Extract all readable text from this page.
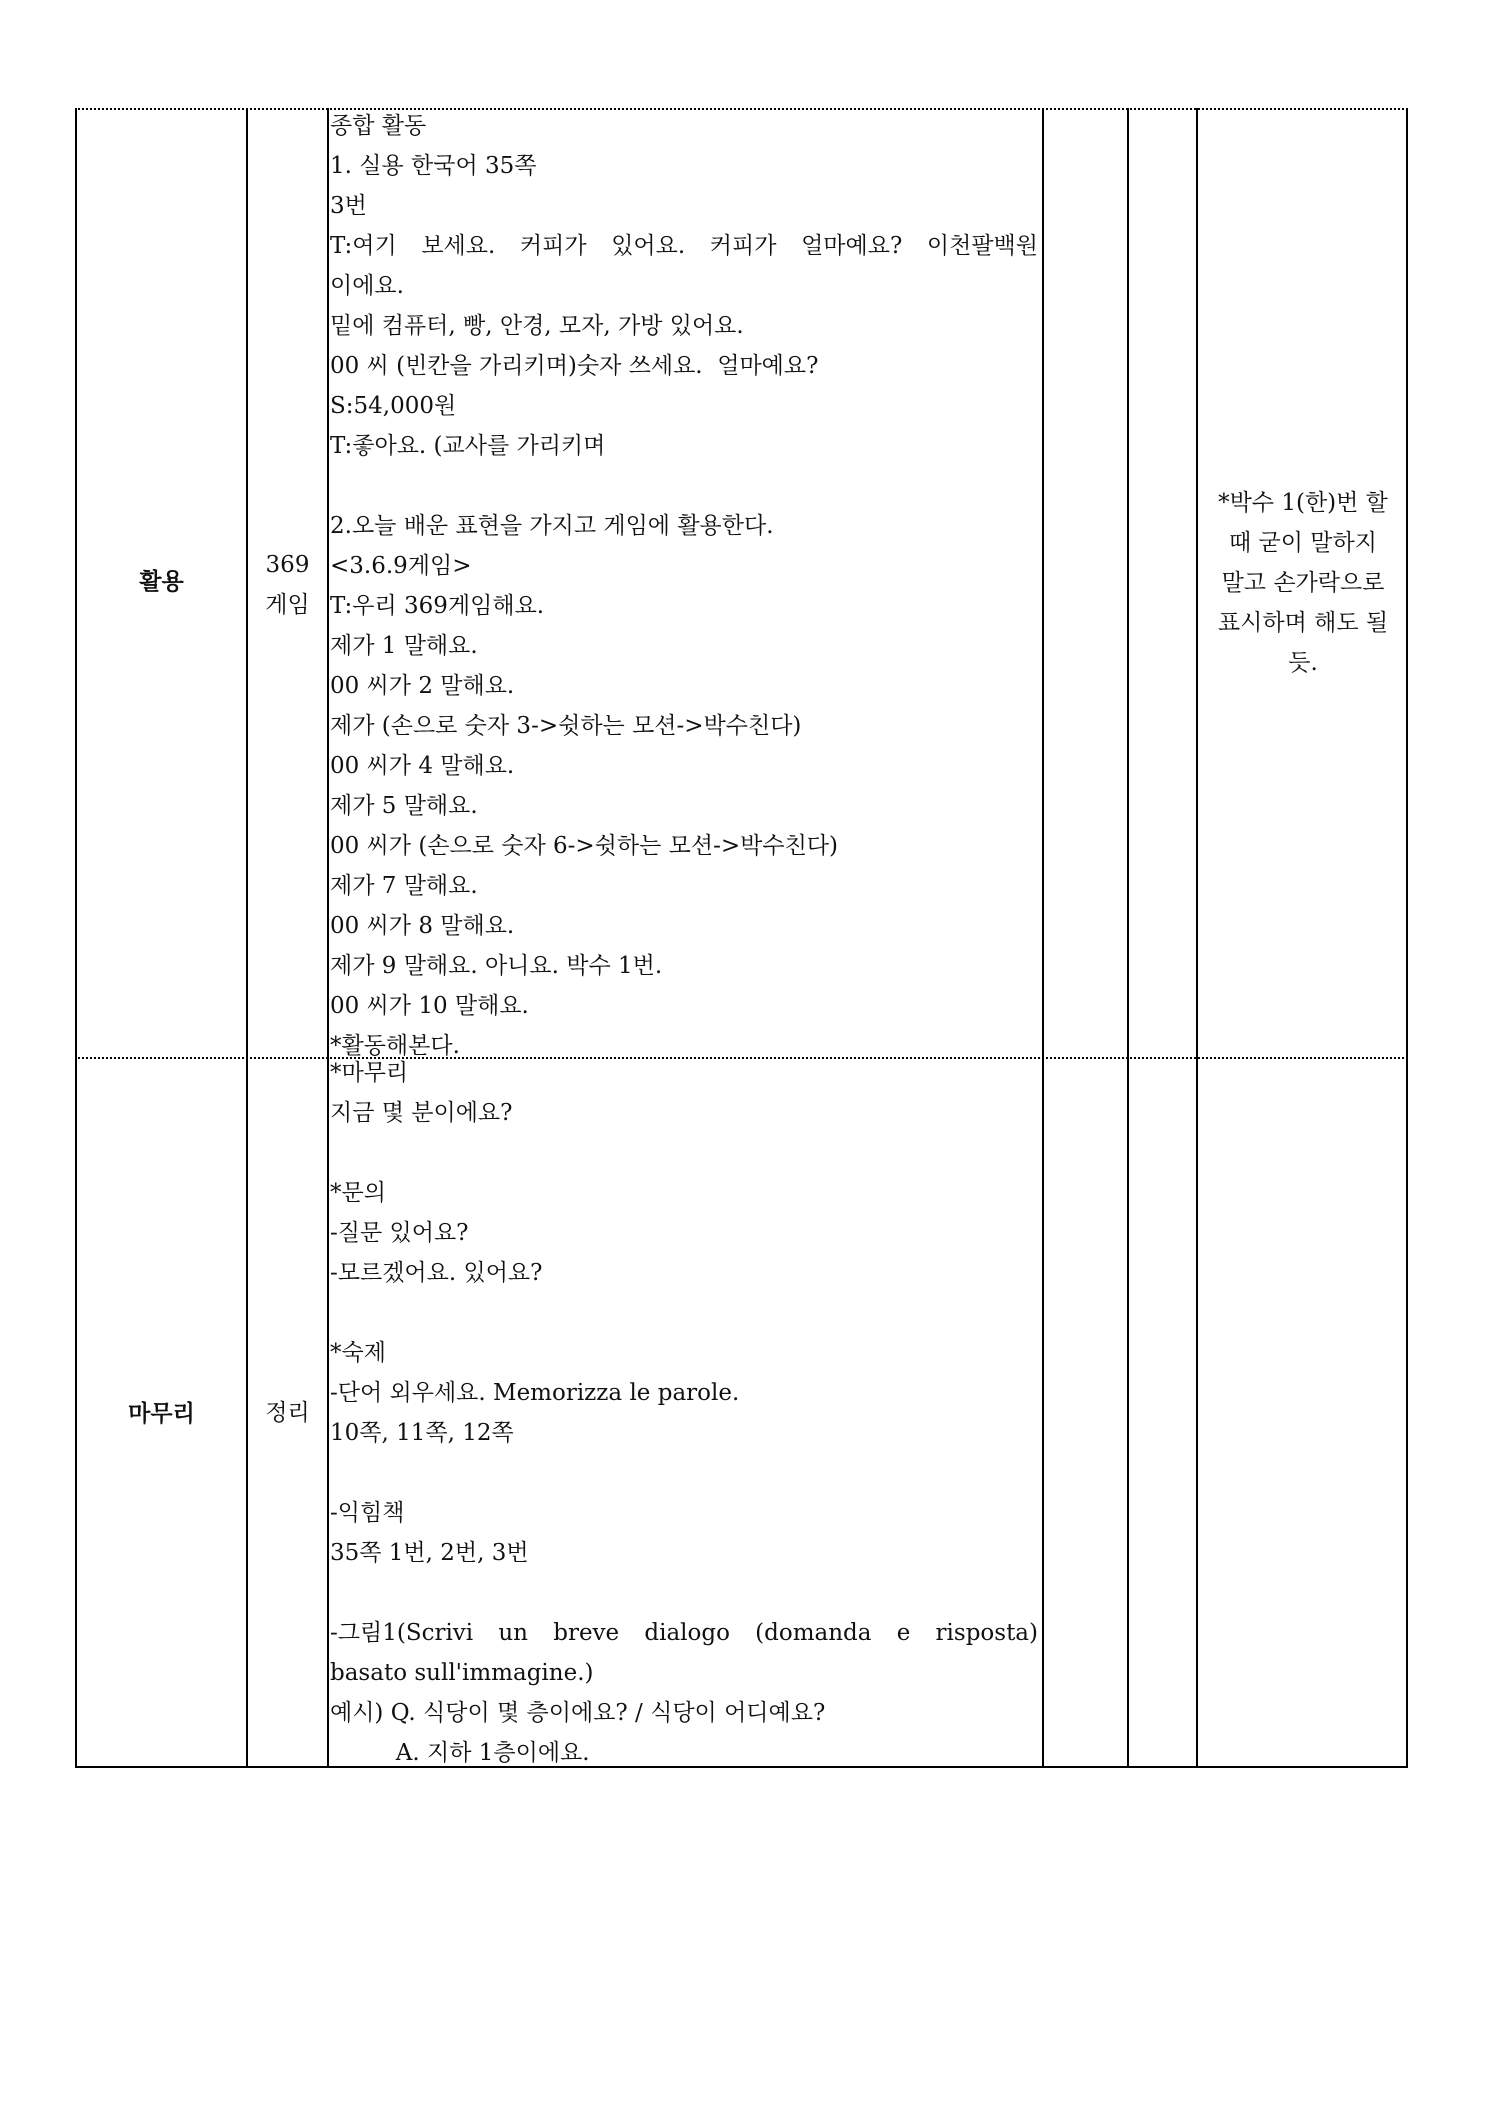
활용
369
게임
종합 활동
1. 실용 한국어 35쪽
3번
T:여기 보세요. 커피가 있어요. 커피가 얼마예요? 이천팔백원
이에요.
밑에 컴퓨터, 빵, 안경, 모자, 가방 있어요.
00 씨 (빈칸을 가리키며)숫자 쓰세요.  얼마예요?
S:54,000원
T:좋아요. (교사를 가리키며
2.오늘 배운 표현을 가지고 게임에 활용한다.
<3.6.9게임>
T:우리 369게임해요.
제가 1 말해요.
00 씨가 2 말해요.
제가 (손으로 숫자 3->쉿하는 모션->박수친다)
00 씨가 4 말해요.
제가 5 말해요.
00 씨가 (손으로 숫자 6->쉿하는 모션->박수친다)
제가 7 말해요.
00 씨가 8 말해요.
제가 9 말해요. 아니요. 박수 1번.
00 씨가 10 말해요.
*활동해본다.
*박수 1(한)번 할
때 굳이 말하지
말고 손가락으로
표시하며 해도 될
듯.
마무리	정리
*마무리
지금 몇 분이에요?
*문의
-질문 있어요?
-모르겠어요. 있어요?
*숙제
-단어 외우세요. Memorizza le parole.
10쪽, 11쪽, 12쪽
-익힘책
35쪽 1번, 2번, 3번
-그림1(Scrivi un breve dialogo (domanda e risposta)
basato sull'immagine.)
예시) Q. 식당이 몇 층이에요? / 식당이 어디예요?
A. 지하 1층이에요.
